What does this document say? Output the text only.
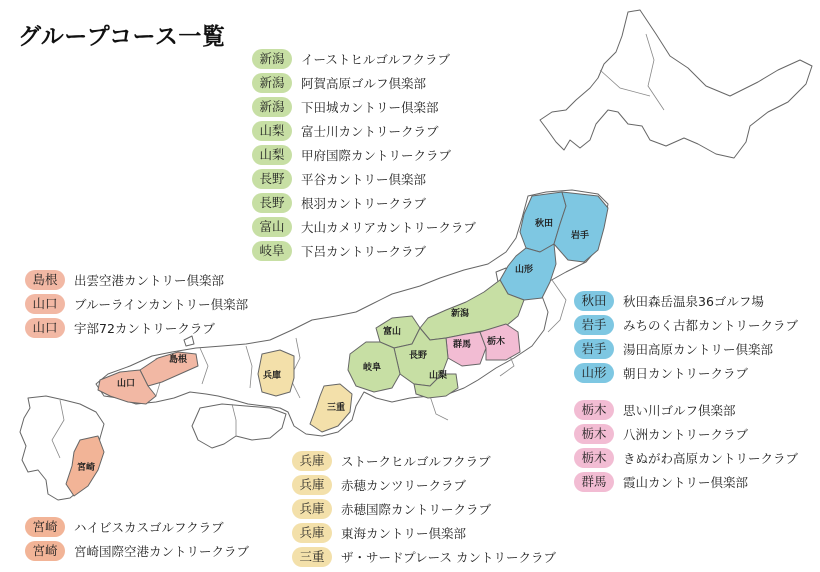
秋田
岩手
山形
新潟
富山
群馬 栃木
長野
岐阜
山梨
三重
兵庫
島根
山口
宮崎
グループコース一覧
新潟	イーストヒルゴルフクラブ
新潟	阿賀高原ゴルフ倶楽部
新潟	下田城カントリー倶楽部
山梨	富士川カントリークラブ
山梨	甲府国際カントリークラブ
長野	平谷カントリー倶楽部
長野	根羽カントリークラブ
富山	大山カメリアカントリークラブ
岐阜	下呂カントリークラブ
島根	出雲空港カントリー倶楽部
山口	ブルーラインカントリー倶楽部
山口	宇部72カントリークラブ
秋田	秋田森岳温泉36ゴルフ場
岩手	みちのく古都カントリークラブ
岩手	湯田高原カントリー倶楽部
山形	朝日カントリークラブ
栃木	思い川ゴルフ倶楽部
栃木	八洲カントリークラブ
栃木	きぬがわ高原カントリークラブ
群馬	霞山カントリー倶楽部
兵庫	ストークヒルゴルフクラブ
兵庫	赤穂カンツリークラブ
兵庫	赤穂国際カントリークラブ
兵庫	東海カントリー倶楽部
三重	ザ・サードプレース カントリークラブ
宮崎	ハイビスカスゴルフクラブ
宮崎	宮崎国際空港カントリークラブ
